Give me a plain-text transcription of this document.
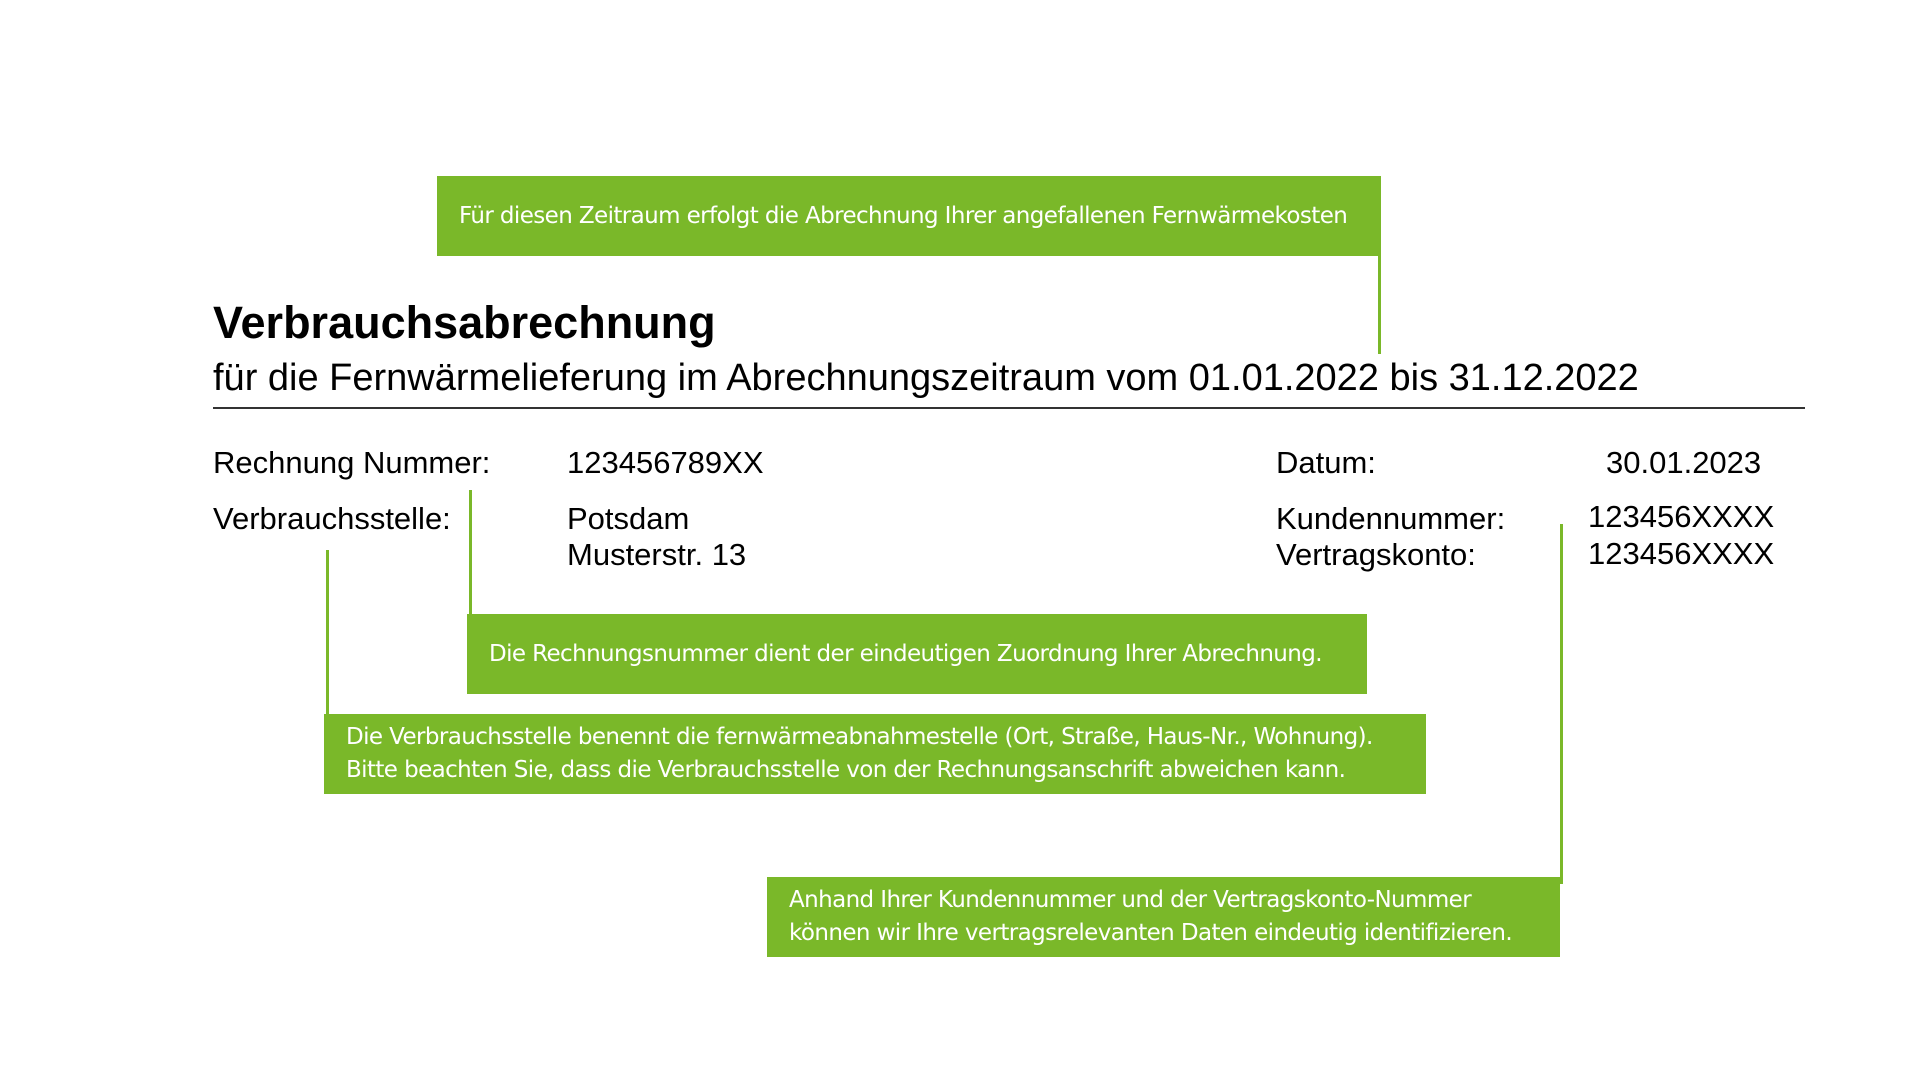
Für diesen Zeitraum erfolgt die Abrechnung Ihrer angefallenen Fernwärmekosten
Verbrauchsabrechnung
für die Fernwärmelieferung im Abrechnungszeitraum vom 01.01.2022 bis 31.12.2022
Rechnung Nummer: 123456789XX	Datum:	30.01.2023
Verbrauchsstelle:	Potsdam
Musterstr. 13
Kundennummer:	123456XXXX
Vertragskonto:	123456XXXX
Die Rechnungsnummer dient der eindeutigen Zuordnung Ihrer Abrechnung.
Die Verbrauchsstelle benennt die fernwärmeabnahmestelle (Ort, Straße, Haus-Nr., Wohnung).
Bitte beachten Sie, dass die Verbrauchsstelle von der Rechnungsanschrift abweichen kann.
Anhand Ihrer Kundennummer und der Vertragskonto-Nummer
können wir Ihre vertragsrelevanten Daten eindeutig identifizieren.
